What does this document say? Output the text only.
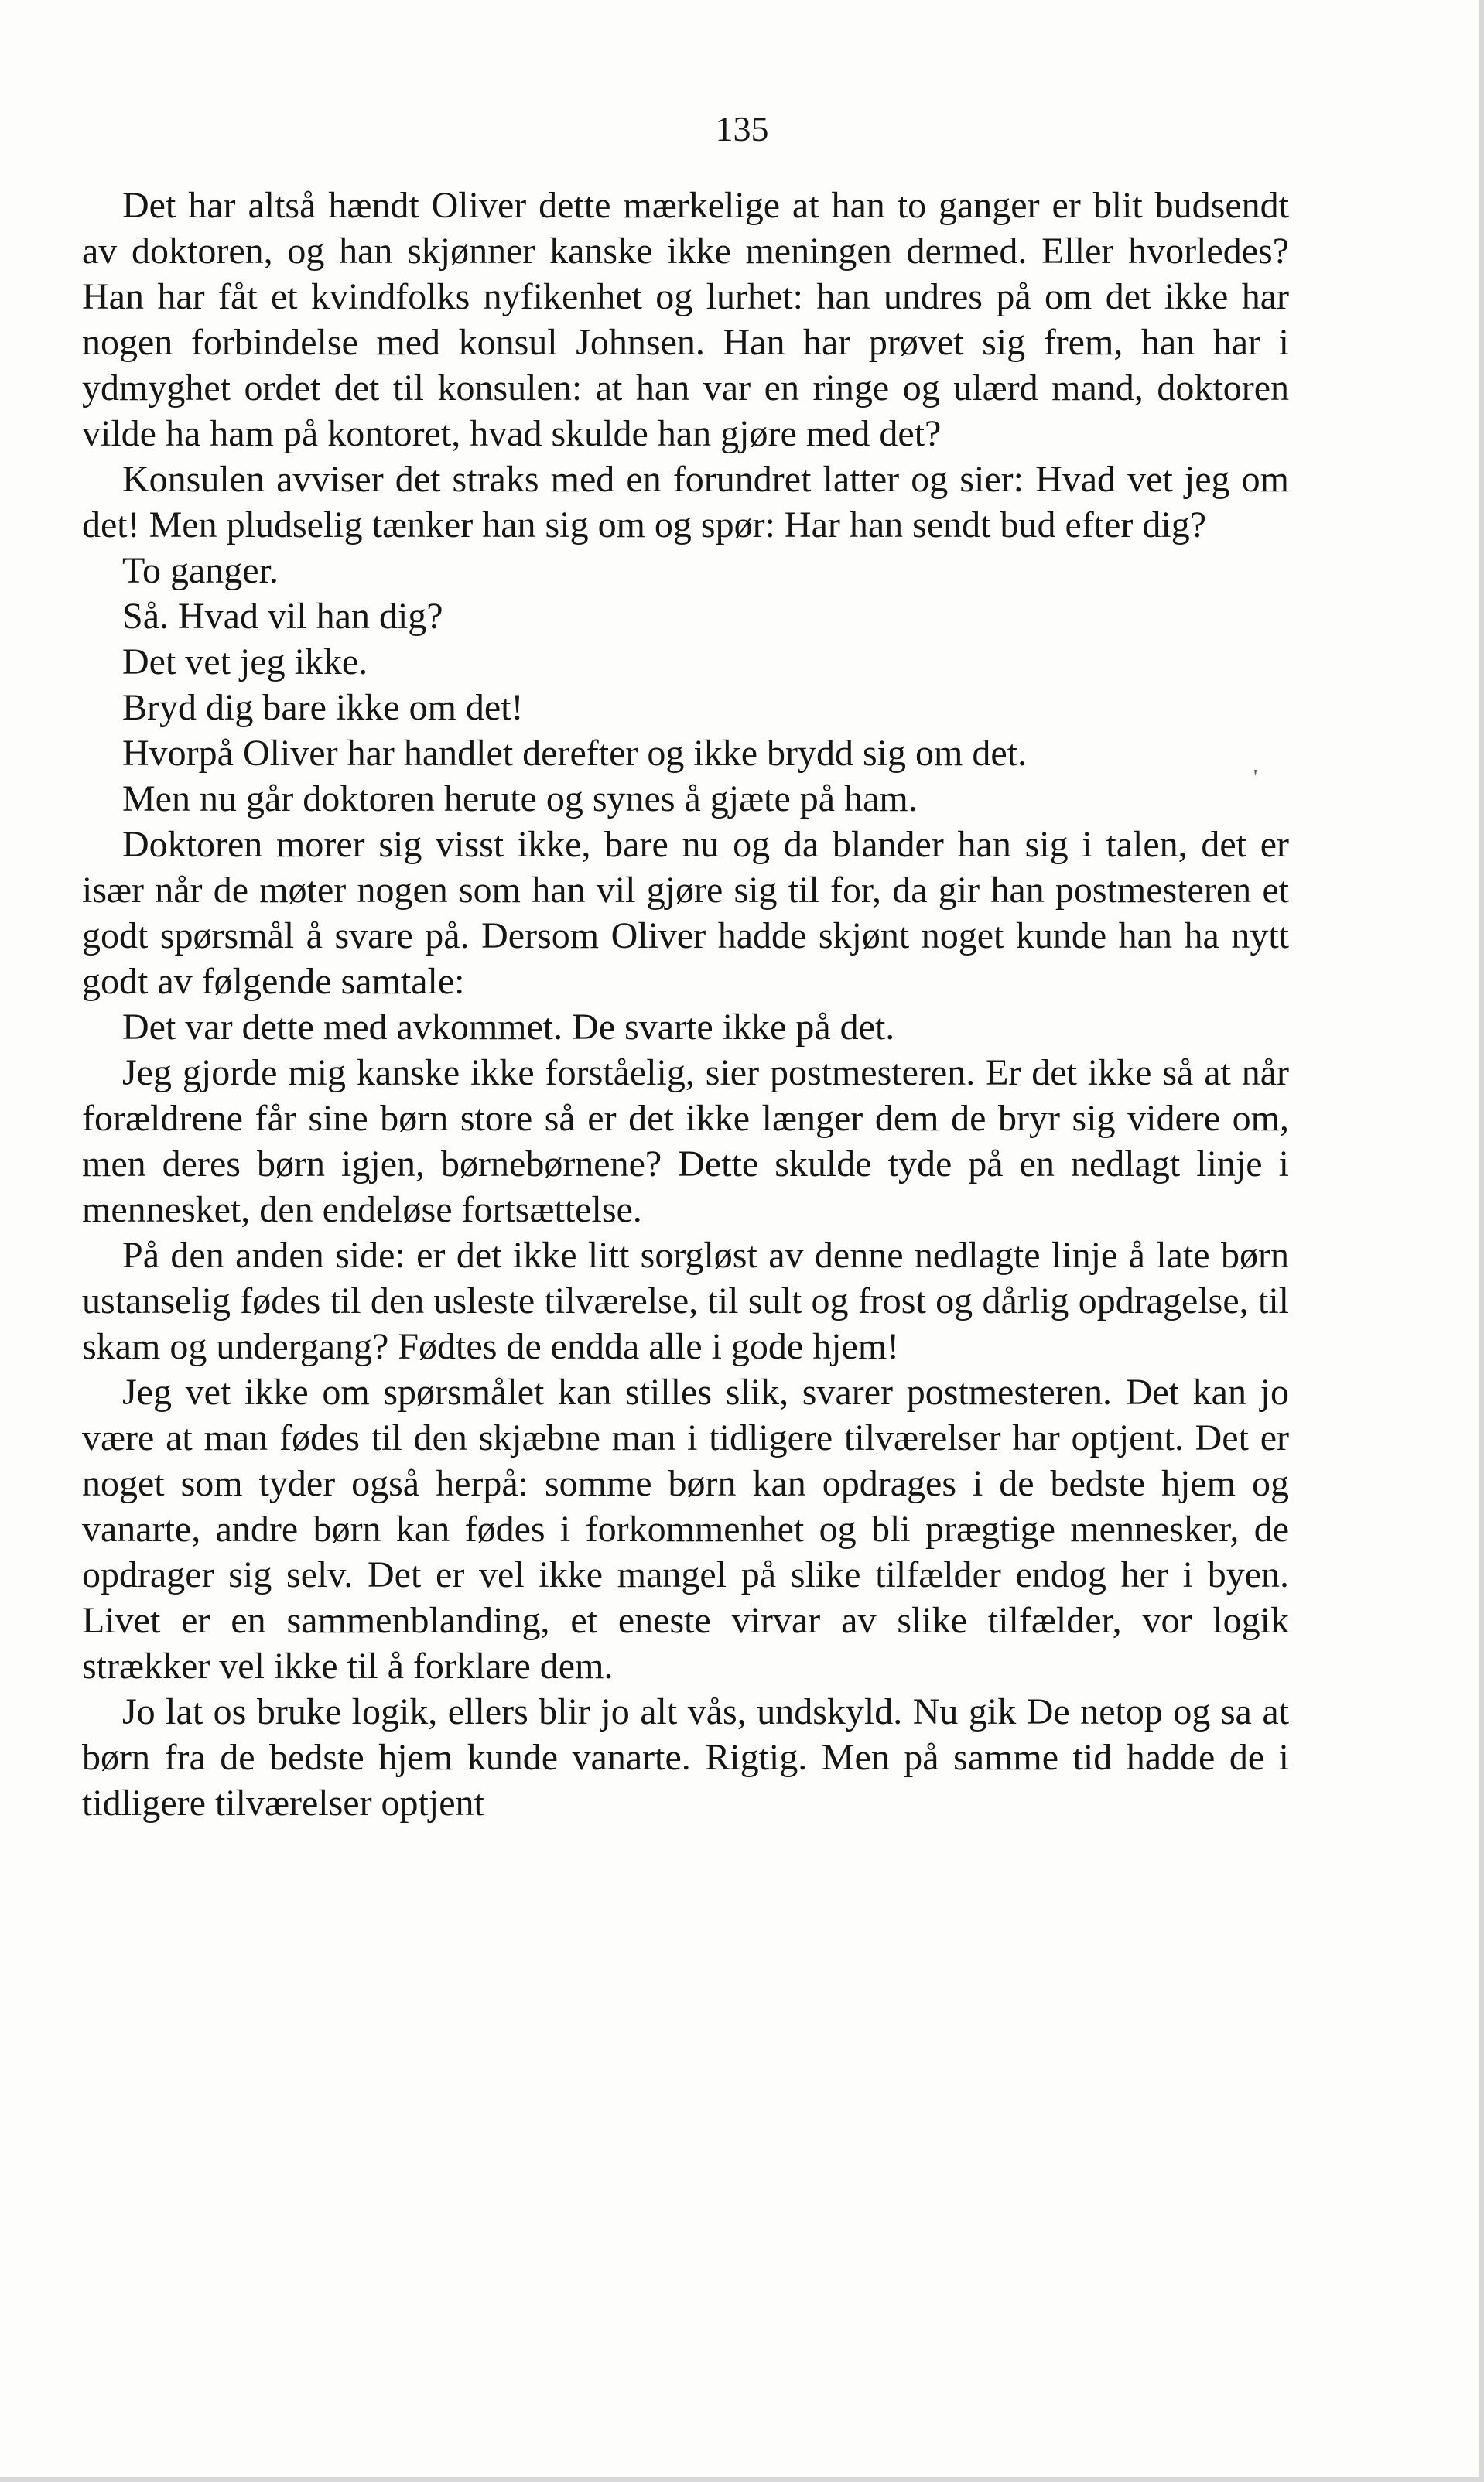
135
'

Det har altså hændt Oliver dette mærkelige at han to ganger er blit budsendt av doktoren, og han skjønner kanske ikke meningen dermed. Eller hvorledes? Han har fåt et kvindfolks nyfikenhet og lurhet: han undres på om det ikke har nogen forbindelse med konsul Johnsen. Han har prøvet sig frem, han har i ydmyghet ordet det til konsulen: at han var en ringe og ulærd mand, doktoren vilde ha ham på kontoret, hvad skulde han gjøre med det?

Konsulen avviser det straks med en forundret latter og sier: Hvad vet jeg om det! Men pludselig tænker han sig om og spør: Har han sendt bud efter dig?

To ganger.

Så. Hvad vil han dig?

Det vet jeg ikke.

Bryd dig bare ikke om det!

Hvorpå Oliver har handlet derefter og ikke brydd sig om det.

Men nu går doktoren herute og synes å gjæte på ham.

Doktoren morer sig visst ikke, bare nu og da blander han sig i talen, det er især når de møter nogen som han vil gjøre sig til for, da gir han postmesteren et godt spørsmål å svare på. Dersom Oliver hadde skjønt noget kunde han ha nytt godt av følgende samtale:

Det var dette med avkommet. De svarte ikke på det.

Jeg gjorde mig kanske ikke forståelig, sier postmesteren. Er det ikke så at når forældrene får sine børn store så er det ikke længer dem de bryr sig videre om, men deres børn igjen, børnebørnene? Dette skulde tyde på en nedlagt linje i mennesket, den endeløse fortsættelse.

På den anden side: er det ikke litt sorgløst av denne nedlagte linje å late børn ustanselig fødes til den usleste tilværelse, til sult og frost og dårlig opdragelse, til skam og undergang? Fødtes de endda alle i gode hjem!

Jeg vet ikke om spørsmålet kan stilles slik, svarer postmesteren. Det kan jo være at man fødes til den skjæbne man i tidligere tilværelser har optjent. Det er noget som tyder også herpå: somme børn kan opdrages i de bedste hjem og vanarte, andre børn kan fødes i forkommenhet og bli prægtige mennesker, de opdrager sig selv. Det er vel ikke mangel på slike tilfælder endog her i byen. Livet er en sammenblanding, et eneste virvar av slike tilfælder, vor logik strækker vel ikke til å forklare dem.

Jo lat os bruke logik, ellers blir jo alt vås, undskyld. Nu gik De netop og sa at børn fra de bedste hjem kunde vanarte. Rigtig. Men på samme tid hadde de i tidligere tilværelser optjent
